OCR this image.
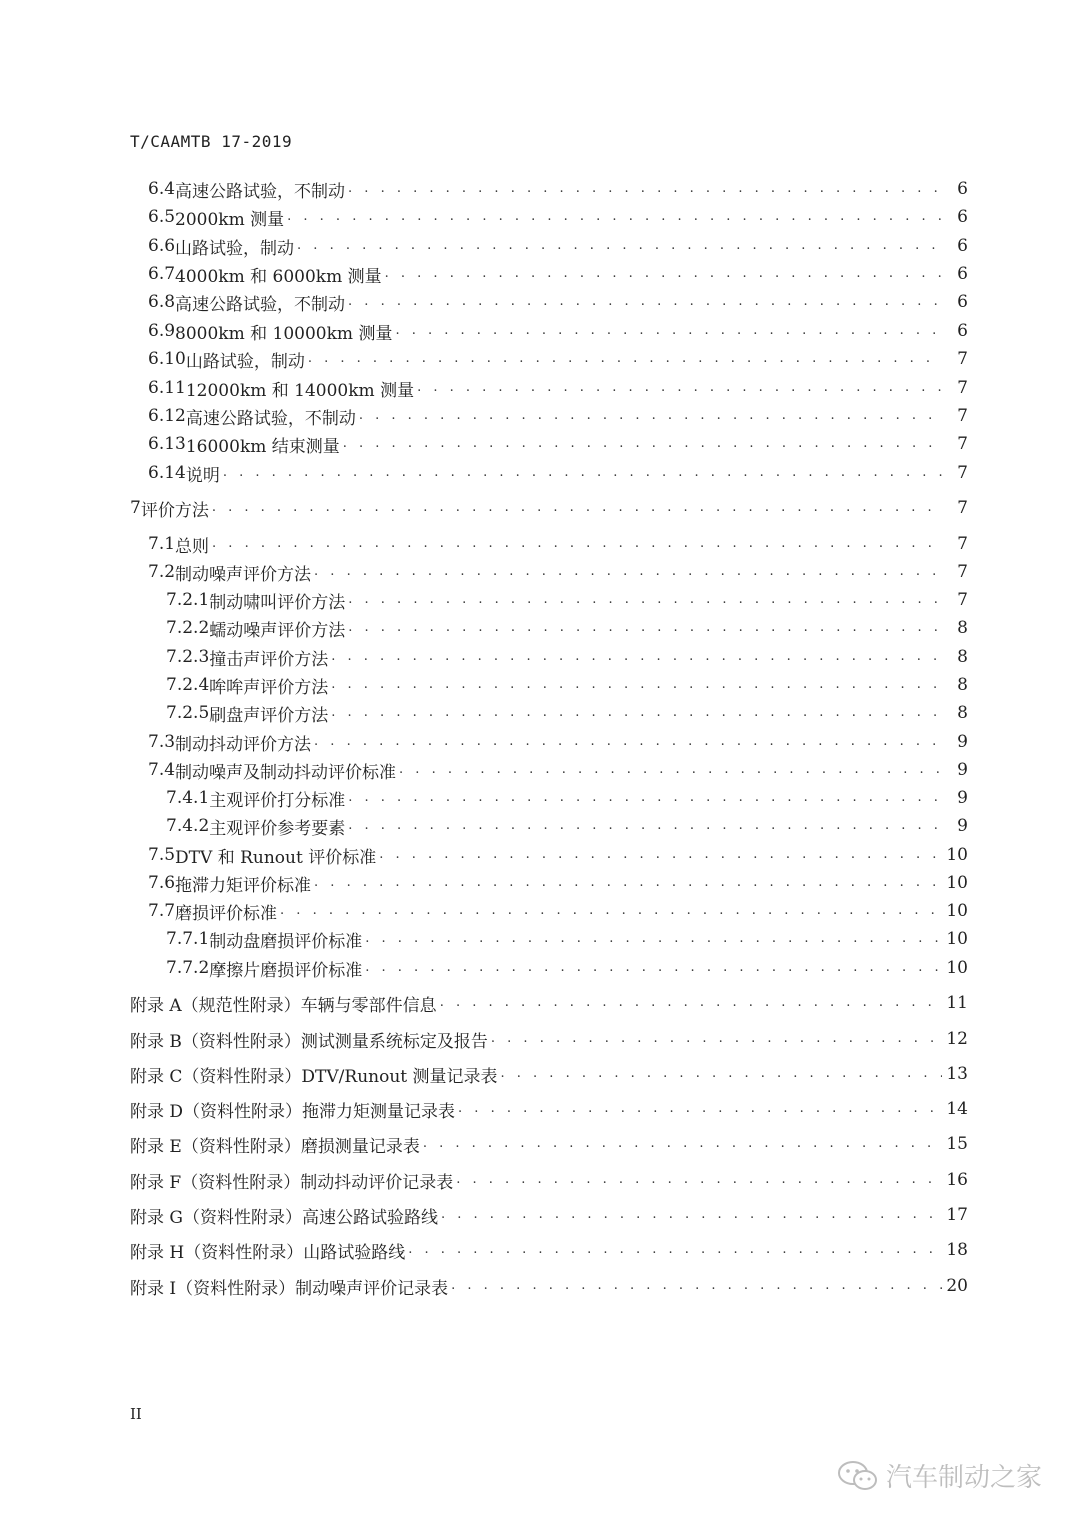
T/CAAMTB 17-2019
6.4 高速公路试验，不制动 . . .	6
6.5 2000km 测量 . . .	6
6.6 山路试验，制动 . . .	6
6.7 4000km 和 6000km 测量 . . .	6
6.8 高速公路试验，不制动 . . .	6
6.9 8000km 和 10000km 测量 . . .	6
6.10 山路试验，制动 . . .	7
6.11 12000km 和 14000km 测量 . . .	7
6.12 高速公路试验，不制动 . . .	7
6.13 16000km 结束测量 . . .	7
6.14 说明 . . .	7
7 评价方法 . . .	7
7.1 总则 . . .	7
7.2 制动噪声评价方法 . . .	7
7.2.1 制动啸叫评价方法 . . .	7
7.2.2 蠕动噪声评价方法 . . .	8
7.2.3 撞击声评价方法 . . .	8
7.2.4 哞哞声评价方法 . . .	8
7.2.5 刷盘声评价方法 . . .	8
7.3 制动抖动评价方法 . . .	9
7.4 制动噪声及制动抖动评价标准 . . .	9
7.4.1 主观评价打分标准 . . .	9
7.4.2 主观评价参考要素 . . .	9
7.5 DTV 和 Runout 评价标准 . . .	10
7.6 拖滞力矩评价标准 . . .	10
7.7 磨损评价标准 . . .	10
7.7.1 制动盘磨损评价标准 . . .	10
7.7.2 摩擦片磨损评价标准 . . .	10
附录 A（规范性附录） 车辆与零部件信息 . . .	11
附录 B（资料性附录） 测试测量系统标定及报告 . . .	12
附录 C（资料性附录） DTV/Runout 测量记录表 . . .	13
附录 D（资料性附录） 拖滞力矩测量记录表 . . .	14
附录 E（资料性附录） 磨损测量记录表 . . .	15
附录 F（资料性附录） 制动抖动评价记录表 . . .	16
附录 G（资料性附录） 高速公路试验路线 . . .	17
附录 H（资料性附录） 山路试验路线 . . .	18
附录 I（资料性附录） 制动噪声评价记录表 . . .	20
II
汽车制动之家
